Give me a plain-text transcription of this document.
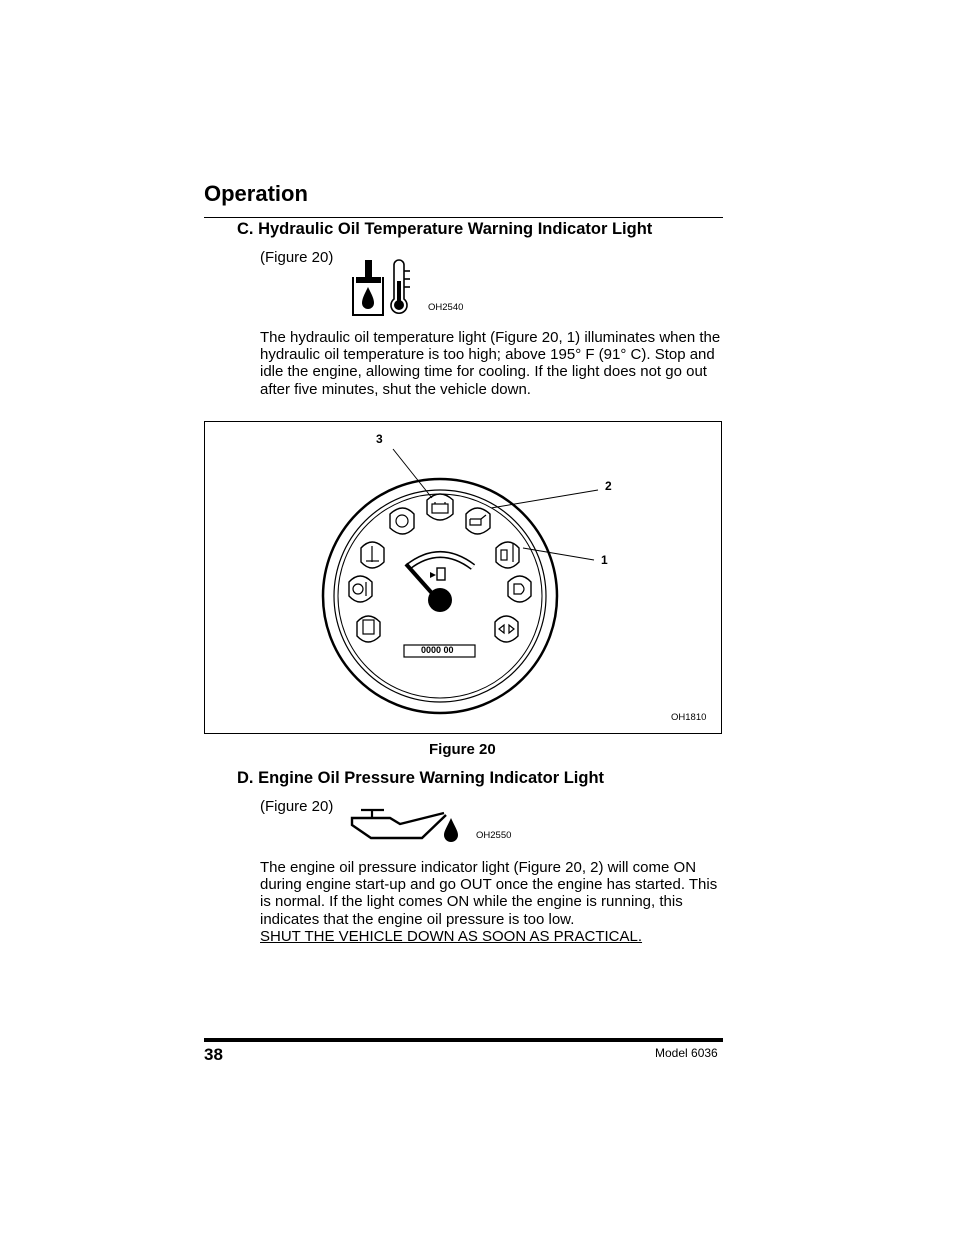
Operation
C. Hydraulic Oil Temperature Warning Indicator Light
(Figure 20)
OH2540
The hydraulic oil temperature light (Figure 20, 1) illuminates when the hydraulic oil temperature is too high; above 195° F (91° C). Stop and idle the engine, allowing time for cooling. If the light does not go out after five minutes, shut the vehicle down.
3
2
1
0000 00
OH1810
Figure 20
D. Engine Oil Pressure Warning Indicator Light
(Figure 20)
OH2550
The engine oil pressure indicator light (Figure 20, 2) will come ON during engine start-up and go OUT once the engine has started. This is normal. If the light comes ON while the engine is running, this indicates that the engine oil pressure is too low.
SHUT THE VEHICLE DOWN AS SOON AS PRACTICAL.
38	Model 6036
